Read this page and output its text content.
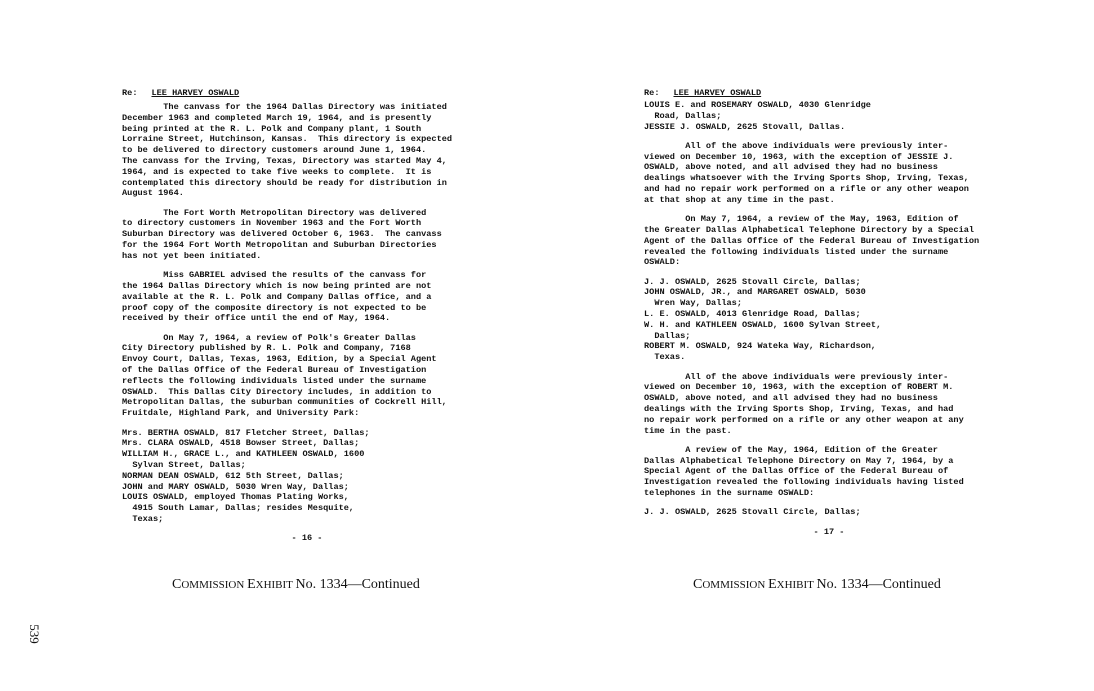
539
Re: LEE HARVEY OSWALD
The canvass for the 1964 Dallas Directory was initiated
December 1963 and completed March 19, 1964, and is presently
being printed at the R. L. Polk and Company plant, 1 South
Lorraine Street, Hutchinson, Kansas.  This directory is expected
to be delivered to directory customers around June 1, 1964.
The canvass for the Irving, Texas, Directory was started May 4,
1964, and is expected to take five weeks to complete.  It is
contemplated this directory should be ready for distribution in
August 1964.
The Fort Worth Metropolitan Directory was delivered
to directory customers in November 1963 and the Fort Worth
Suburban Directory was delivered October 6, 1963.  The canvass
for the 1964 Fort Worth Metropolitan and Suburban Directories
has not yet been initiated.
Miss GABRIEL advised the results of the canvass for
the 1964 Dallas Directory which is now being printed are not
available at the R. L. Polk and Company Dallas office, and a
proof copy of the composite directory is not expected to be
received by their office until the end of May, 1964.
On May 7, 1964, a review of Polk's Greater Dallas
City Directory published by R. L. Polk and Company, 7168
Envoy Court, Dallas, Texas, 1963, Edition, by a Special Agent
of the Dallas Office of the Federal Bureau of Investigation
reflects the following individuals listed under the surname
OSWALD.  This Dallas City Directory includes, in addition to
Metropolitan Dallas, the suburban communities of Cockrell Hill,
Fruitdale, Highland Park, and University Park:
Mrs. BERTHA OSWALD, 817 Fletcher Street, Dallas;
Mrs. CLARA OSWALD, 4518 Bowser Street, Dallas;
WILLIAM H., GRACE L., and KATHLEEN OSWALD, 1600
Sylvan Street, Dallas;
NORMAN DEAN OSWALD, 612 5th Street, Dallas;
JOHN and MARY OSWALD, 5030 Wren Way, Dallas;
LOUIS OSWALD, employed Thomas Plating Works,
4915 South Lamar, Dallas; resides Mesquite,
Texas;
- 16 -
COMMISSION EXHIBIT No. 1334—Continued
Re: LEE HARVEY OSWALD
LOUIS E. and ROSEMARY OSWALD, 4030 Glenridge
Road, Dallas;
JESSIE J. OSWALD, 2625 Stovall, Dallas.
All of the above individuals were previously inter-
viewed on December 10, 1963, with the exception of JESSIE J.
OSWALD, above noted, and all advised they had no business
dealings whatsoever with the Irving Sports Shop, Irving, Texas,
and had no repair work performed on a rifle or any other weapon
at that shop at any time in the past.
On May 7, 1964, a review of the May, 1963, Edition of
the Greater Dallas Alphabetical Telephone Directory by a Special
Agent of the Dallas Office of the Federal Bureau of Investigation
revealed the following individuals listed under the surname
OSWALD:
J. J. OSWALD, 2625 Stovall Circle, Dallas;
JOHN OSWALD, JR., and MARGARET OSWALD, 5030
Wren Way, Dallas;
L. E. OSWALD, 4013 Glenridge Road, Dallas;
W. H. and KATHLEEN OSWALD, 1600 Sylvan Street,
Dallas;
ROBERT M. OSWALD, 924 Wateka Way, Richardson,
Texas.
All of the above individuals were previously inter-
viewed on December 10, 1963, with the exception of ROBERT M.
OSWALD, above noted, and all advised they had no business
dealings with the Irving Sports Shop, Irving, Texas, and had
no repair work performed on a rifle or any other weapon at any
time in the past.
A review of the May, 1964, Edition of the Greater
Dallas Alphabetical Telephone Directory on May 7, 1964, by a
Special Agent of the Dallas Office of the Federal Bureau of
Investigation revealed the following individuals having listed
telephones in the surname OSWALD:
J. J. OSWALD, 2625 Stovall Circle, Dallas;
- 17 -
COMMISSION EXHIBIT No. 1334—Continued
